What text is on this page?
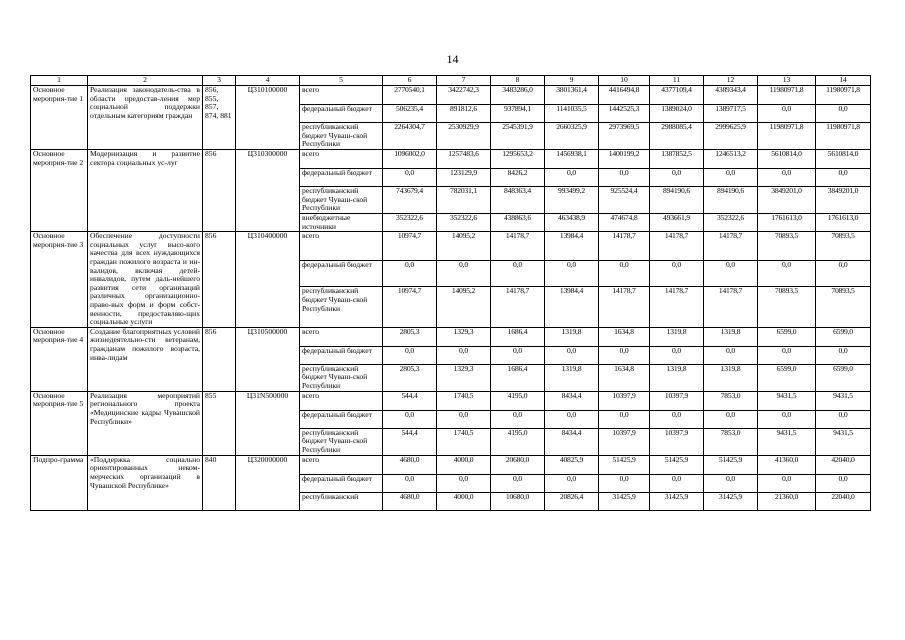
14
1	2	3	4	5	6	7	8	9	10	11	12	13	14
Основное мероприя-тие 1	Реализация законодатель-ства в области предостав-ления мер социальной поддержки отдельным категориям граждан	856, 855, 857, 874, 881	Ц310100000	всего	2770540,1	3422742,3	3483286,0	3801361,4	4416494,8	4377109,4	4389343,4	11980971,8	11980971,8
				федеральный бюджет	506235,4	891812,6	937894,1	1141035,5	1442525,3	1389024,0	1389717,5	0,0	0,0
				республиканский бюджет Чуваш-ской Республики	2264304,7	2530929,9	2545391,9	2660325,9	2973969,5	2988085,4	2999625,9	11980971,8	11980971,8
Основное мероприя-тие 2	Модернизация и развитие сектора социальных ус-луг	856	Ц310300000	всего	1096002,0	1257483,6	1295653,2	1456938,1	1400199,2	1387852,5	1246513,2	5610814,0	5610814,0
				федеральный бюджет	0,0	123129,9	8426,2	0,0	0,0	0,0	0,0	0,0	0,0
				республиканский бюджет Чуваш-ской Республики	743679,4	782031,1	848363,4	993499,2	925524,4	894190,6	894190,6	3849201,0	3849201,0
				внебюджетные источники	352322,6	352322,6	438863,6	463438,9	474674,8	493661,9	352322,6	1761613,0	1761613,0
Основное мероприя-тие 3	Обеспечение доступности социальных услуг высо-кого качества для всех нуждающихся граждан пожилого возраста и ин-валидов, включая детей-инвалидов, путем даль-нейшего развития сети организаций различных организационно-право-вых форм и форм собст-венности, предоставляю-щих социальные услуги	856	Ц310400000	всего	10974,7	14095,2	14178,7	13984,4	14178,7	14178,7	14178,7	70893,5	70893,5
				федеральный бюджет	0,0	0,0	0,0	0,0	0,0	0,0	0,0	0,0	0,0
				республиканский бюджет Чуваш-ской Республики	10974,7	14095,2	14178,7	13984,4	14178,7	14178,7	14178,7	70893,5	70893,5
Основное мероприя-тие 4	Создание благоприятных условий жизнедеятельно-сти ветеранам, гражданам пожилого возраста, инва-лидам	856	Ц310500000	всего	2805,3	1329,3	1686,4	1319,8	1634,8	1319,8	1319,8	6599,0	6599,0
				федеральный бюджет	0,0	0,0	0,0	0,0	0,0	0,0	0,0	0,0	0,0
				республиканский бюджет Чуваш-ской Республики	2805,3	1329,3	1686,4	1319,8	1634,8	1319,8	1319,8	6599,0	6599,0
Основное мероприя-тие 5	Реализация мероприятий регионального проекта «Медицинские кадры Чувашской Республики»	855	Ц31N500000	всего	544,4	1740,5	4195,0	8434,4	10397,9	10397,9	7853,0	9431,5	9431,5
				федеральный бюджет	0,0	0,0	0,0	0,0	0,0	0,0	0,0	0,0	0,0
				республиканский бюджет Чуваш-ской Республики	544,4	1740,5	4195,0	8434,4	10397,9	10397,9	7853,0	9431,5	9431,5
Подпро-грамма	«Поддержка социально ориентированных неком-мерческих организаций в Чувашской Республике»	840	Ц320000000	всего	4680,0	4000,0	20680,0	40825,9	51425,9	51425,9	51425,9	41360,0	42040,0
				федеральный бюджет	0,0	0,0	0,0	0,0	0,0	0,0	0,0	0,0	0,0
				республиканский	4680,0	4000,0	10680,0	20826,4	31425,9	31425,9	31425,9	21360,0	22040,0
